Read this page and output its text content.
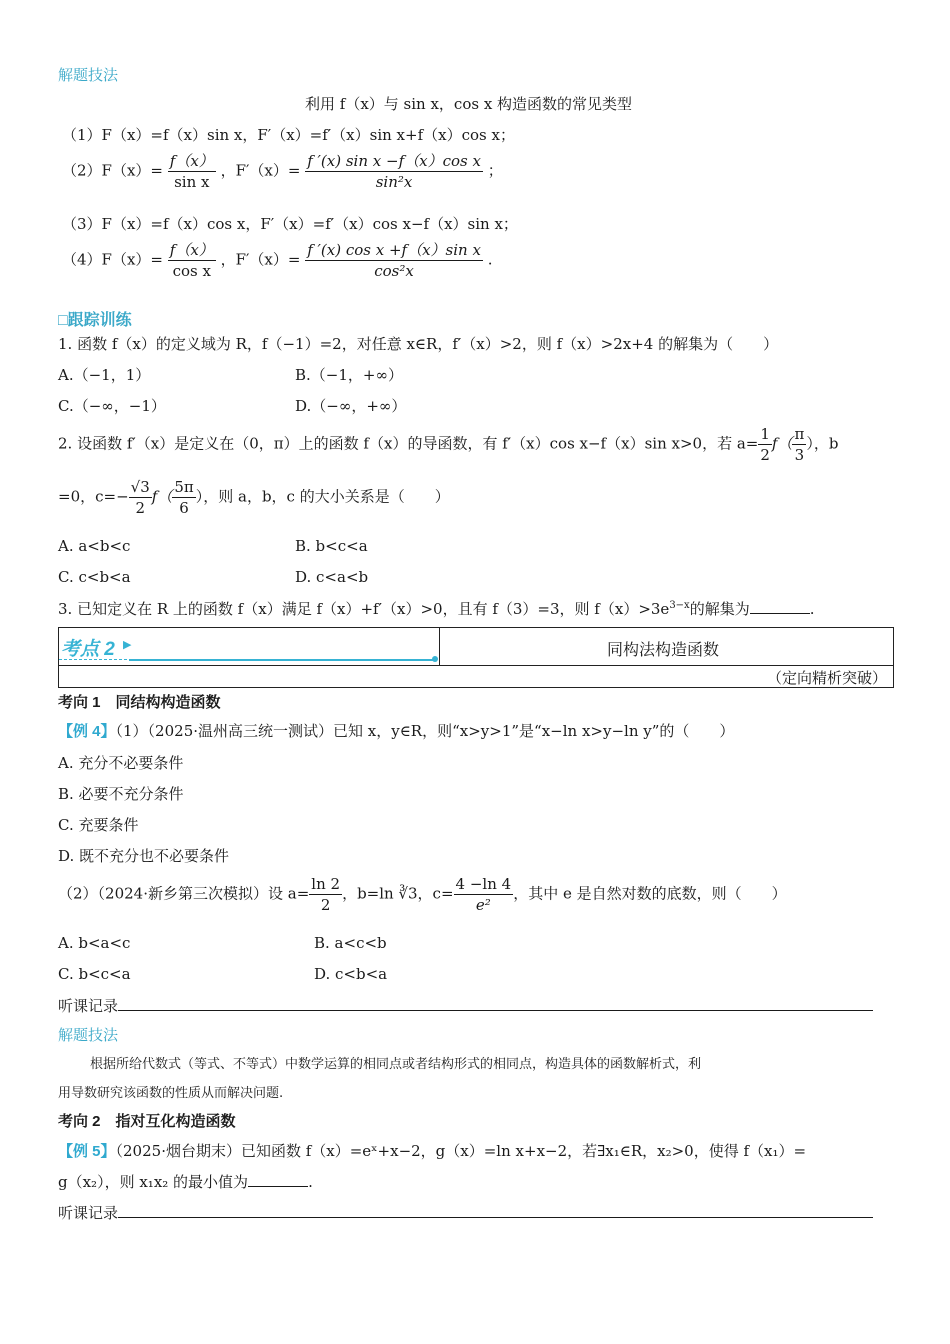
解题技法
利用 f（x）与 sin x，cos x 构造函数的常见类型
（1）F（x）=f（x）sin x，F′（x）=f′（x）sin x+f（x）cos x；
$(2)F(x)= \frac{f(x)}{\text{sin x}}$ ，$F'(x)= \frac{\text{f ′(x) sin x −f（x）cos x}}{\text{sin²x}}$ ；
（3）F（x）=f（x）cos x，F′（x）=f′（x）cos x−f（x）sin x；
$(4)F(x)= \frac{f(x)}{\text{cos x}}$ ，$F'(x)= \frac{\text{f ′(x) cos x +f（x）sin x}}{\text{cos²x}}$ .
□跟踪训练
1. 函数 f（x）的定义域为 R，f（−1）=2，对任意 x∈R，f′（x）>2，则 f（x）>2x+4 的解集为（　　）
A.（−1，1）	B.（−1，+∞）
C.（−∞，−1）	D.（−∞，+∞）
2. 设函数 f′（x）是定义在（0，π）上的函数 f（x）的导函数，有 f′（x）cos x−f（x）sin x>0，若 $a= \frac{1}{2} f( \frac{\pi}{3}$ ），b
=0，$c=- \frac{√3}{2} f( \frac{5\pi}{6}$ ），则 a，b，c 的大小关系是（　　）
A. a<b<c	B. b<c<a
C. c<b<a	D. c<a<b
3. 已知定义在 R 上的函数 f（x）满足 f（x）+f′（x）>0，且有 f（3）=3，则 $f(x)>3e^{3-x}$的解集为	.
考点 2 ▶	同构法构造函数
（定向精析突破）
考向 1　同结构构造函数
【例 4】（1）（2025·温州高三统一测试）已知 x，y∈R，则“x>y>1”是“x−ln x>y−ln y”的（　　）
A. 充分不必要条件
B. 必要不充分条件
C. 充要条件
D. 既不充分也不必要条件
（2）（2024·新乡第三次模拟）设 $a= \frac{\ln 2}{2}$ ，b=ln ∛3，$c= \frac{4 -\ln 4}{\text{e²}}$ ，其中 e 是自然对数的底数，则（　　）
A. b<a<c	B. a<c<b
C. b<c<a	D. c<b<a
听课记录
解题技法
根据所给代数式（等式、不等式）中数学运算的相同点或者结构形式的相同点，构造具体的函数解析式，利
用导数研究该函数的性质从而解决问题.
考向 2　指对互化构造函数
【例 5】（2025·烟台期末）已知函数 f（x）=eˣ+x−2，g（x）=ln x+x−2，若∃x₁∈R，x₂>0，使得 f（x₁）=
g（x₂），则 x₁x₂ 的最小值为	.
听课记录
